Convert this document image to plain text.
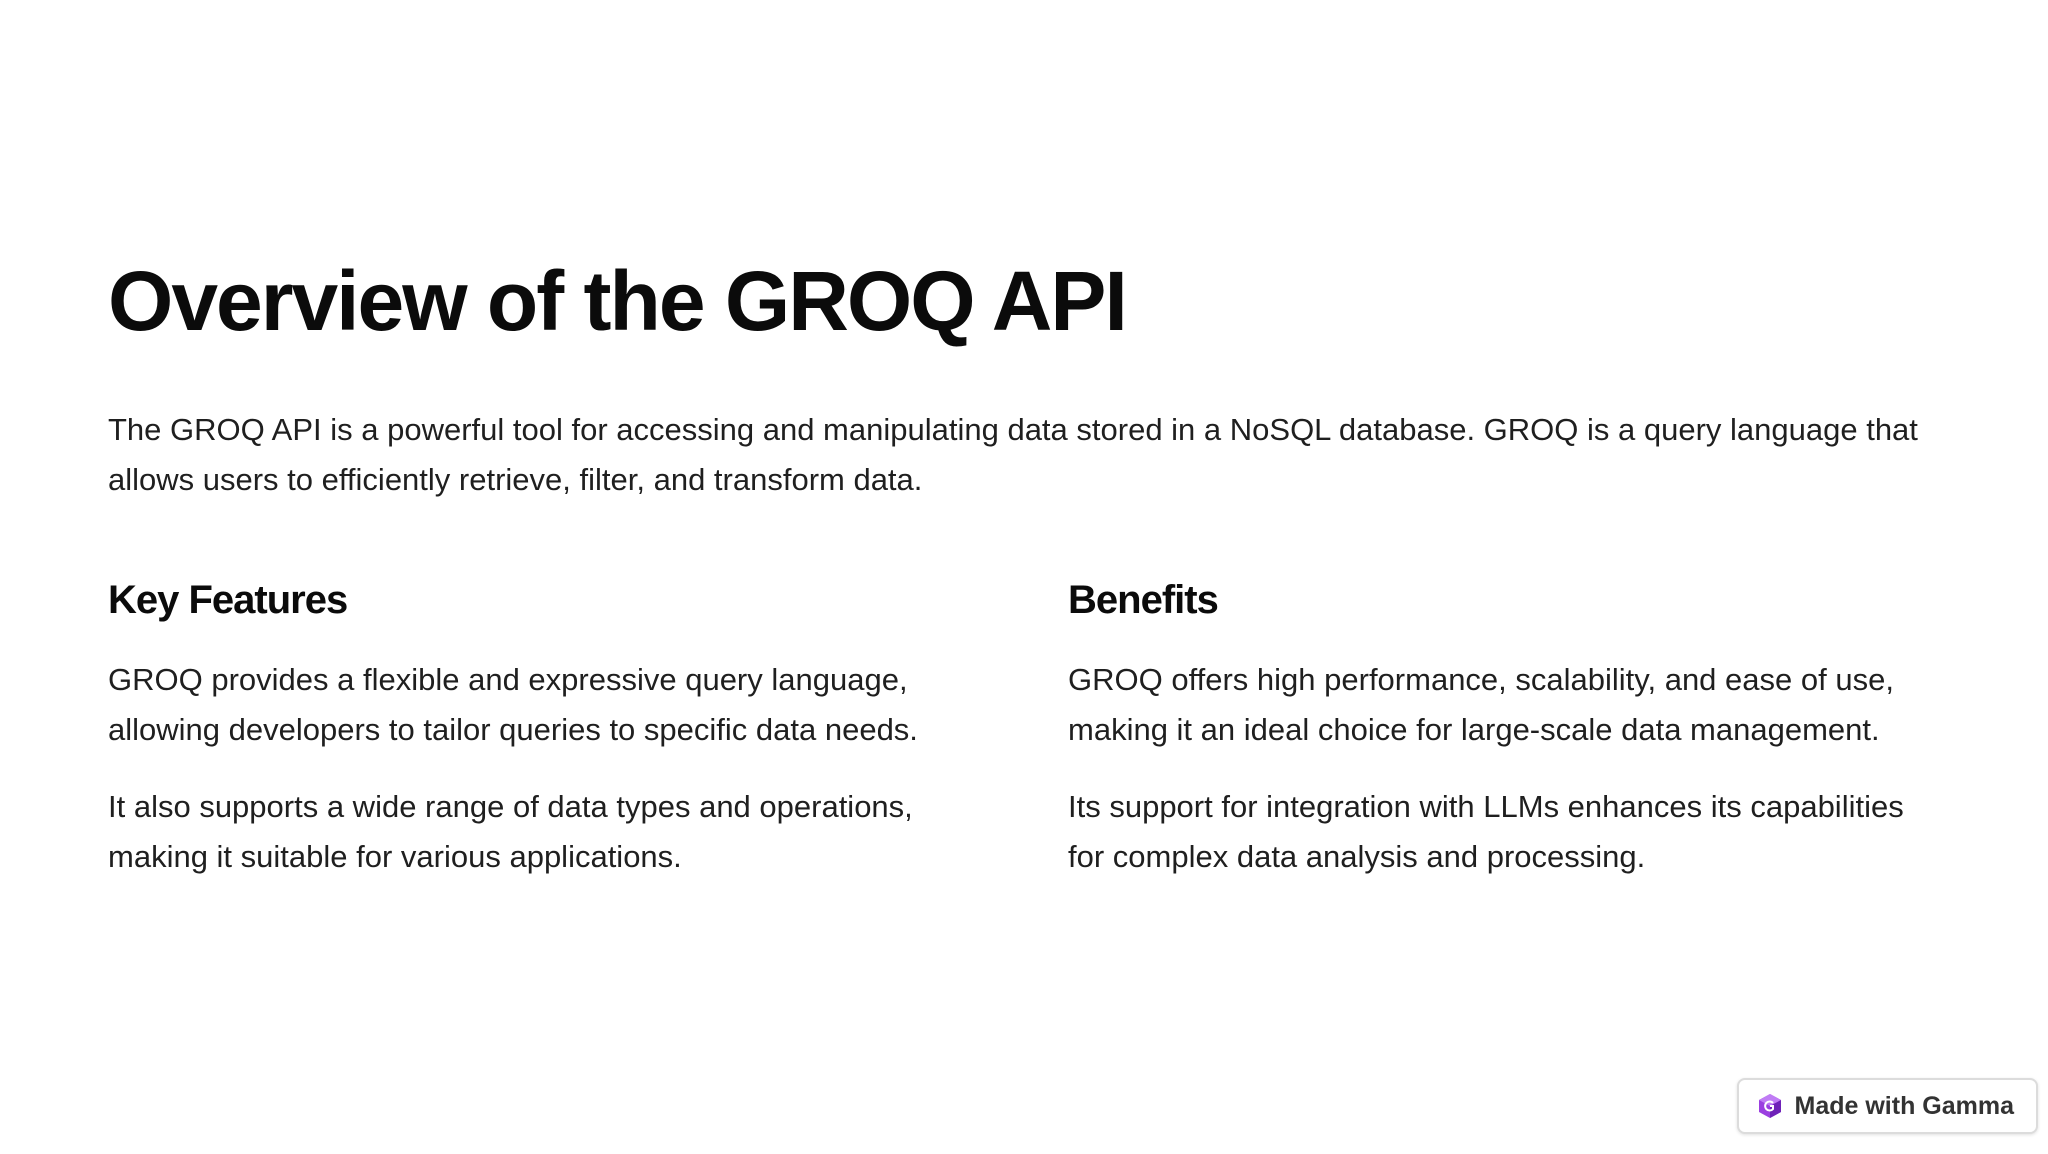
Overview of the GROQ API

The GROQ API is a powerful tool for accessing and manipulating data stored in a NoSQL database. GROQ is a query language that allows users to efficiently retrieve, filter, and transform data.

Key Features

GROQ provides a flexible and expressive query language, allowing developers to tailor queries to specific data needs.

It also supports a wide range of data types and operations, making it suitable for various applications.

Benefits

GROQ offers high performance, scalability, and ease of use, making it an ideal choice for large-scale data management.

Its support for integration with LLMs enhances its capabilities for complex data analysis and processing.

Made with Gamma
